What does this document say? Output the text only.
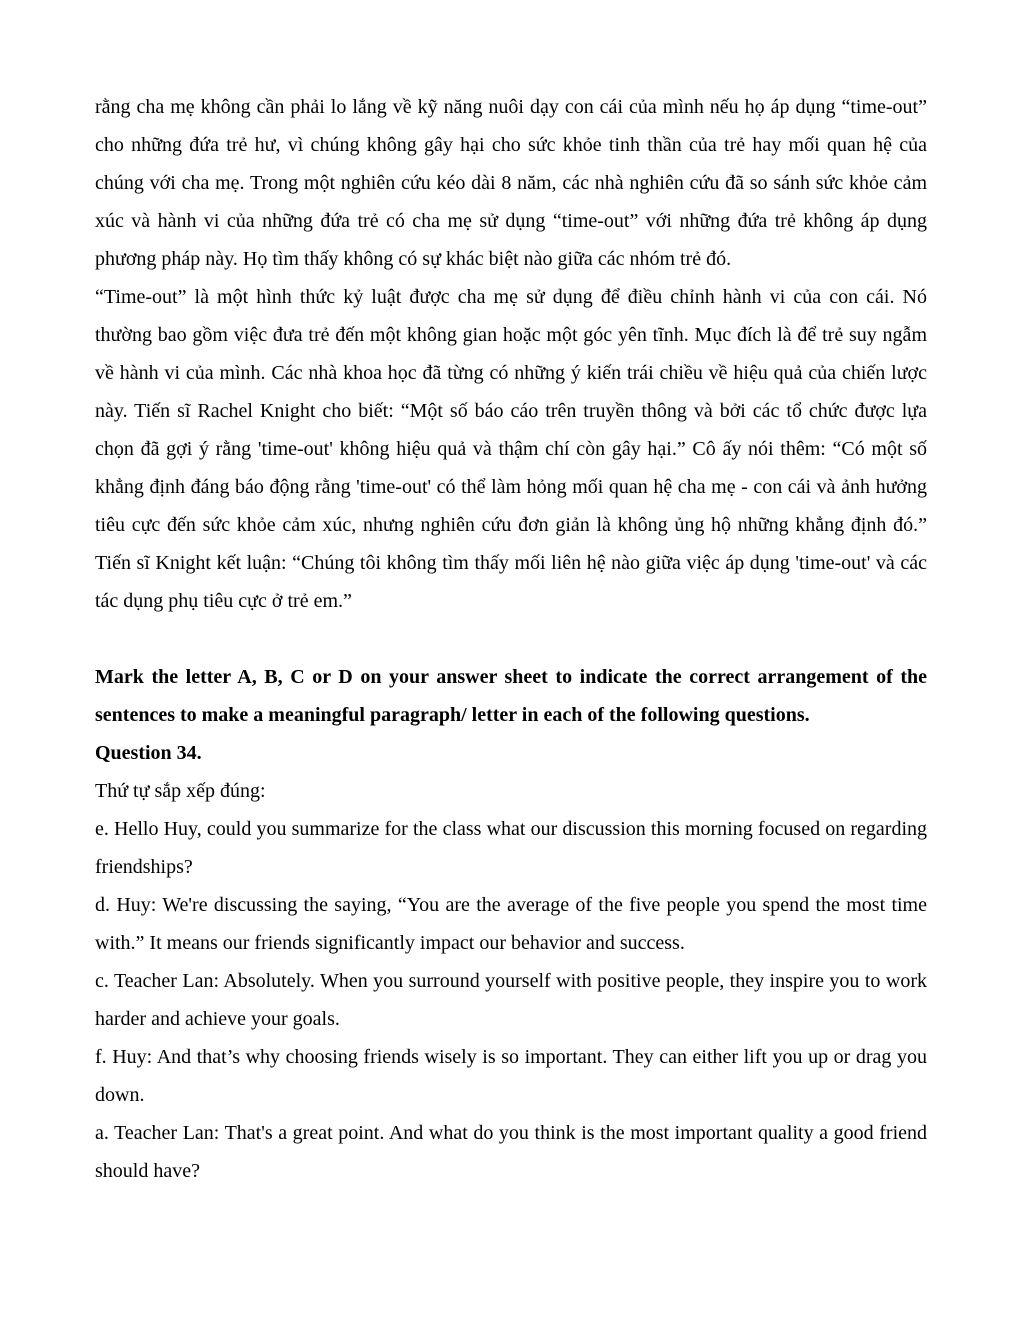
rằng cha mẹ không cần phải lo lắng về kỹ năng nuôi dạy con cái của mình nếu họ áp dụng “time-out” cho những đứa trẻ hư, vì chúng không gây hại cho sức khỏe tinh thần của trẻ hay mối quan hệ của chúng với cha mẹ. Trong một nghiên cứu kéo dài 8 năm, các nhà nghiên cứu đã so sánh sức khỏe cảm xúc và hành vi của những đứa trẻ có cha mẹ sử dụng “time-out” với những đứa trẻ không áp dụng phương pháp này. Họ tìm thấy không có sự khác biệt nào giữa các nhóm trẻ đó.

“Time-out” là một hình thức kỷ luật được cha mẹ sử dụng để điều chỉnh hành vi của con cái. Nó thường bao gồm việc đưa trẻ đến một không gian hoặc một góc yên tĩnh. Mục đích là để trẻ suy ngẫm về hành vi của mình. Các nhà khoa học đã từng có những ý kiến trái chiều về hiệu quả của chiến lược này. Tiến sĩ Rachel Knight cho biết: “Một số báo cáo trên truyền thông và bởi các tổ chức được lựa chọn đã gợi ý rằng 'time-out' không hiệu quả và thậm chí còn gây hại.” Cô ấy nói thêm: “Có một số khẳng định đáng báo động rằng 'time-out' có thể làm hỏng mối quan hệ cha mẹ - con cái và ảnh hưởng tiêu cực đến sức khỏe cảm xúc, nhưng nghiên cứu đơn giản là không ủng hộ những khẳng định đó.” Tiến sĩ Knight kết luận: “Chúng tôi không tìm thấy mối liên hệ nào giữa việc áp dụng 'time-out' và các tác dụng phụ tiêu cực ở trẻ em.”

Mark the letter A, B, C or D on your answer sheet to indicate the correct arrangement of the sentences to make a meaningful paragraph/ letter in each of the following questions.

Question 34.

Thứ tự sắp xếp đúng:

e. Hello Huy, could you summarize for the class what our discussion this morning focused on regarding friendships?

d. Huy: We're discussing the saying, “You are the average of the five people you spend the most time with.” It means our friends significantly impact our behavior and success.

c. Teacher Lan: Absolutely. When you surround yourself with positive people, they inspire you to work harder and achieve your goals.

f. Huy: And that’s why choosing friends wisely is so important. They can either lift you up or drag you down.

a. Teacher Lan: That's a great point. And what do you think is the most important quality a good friend should have?
